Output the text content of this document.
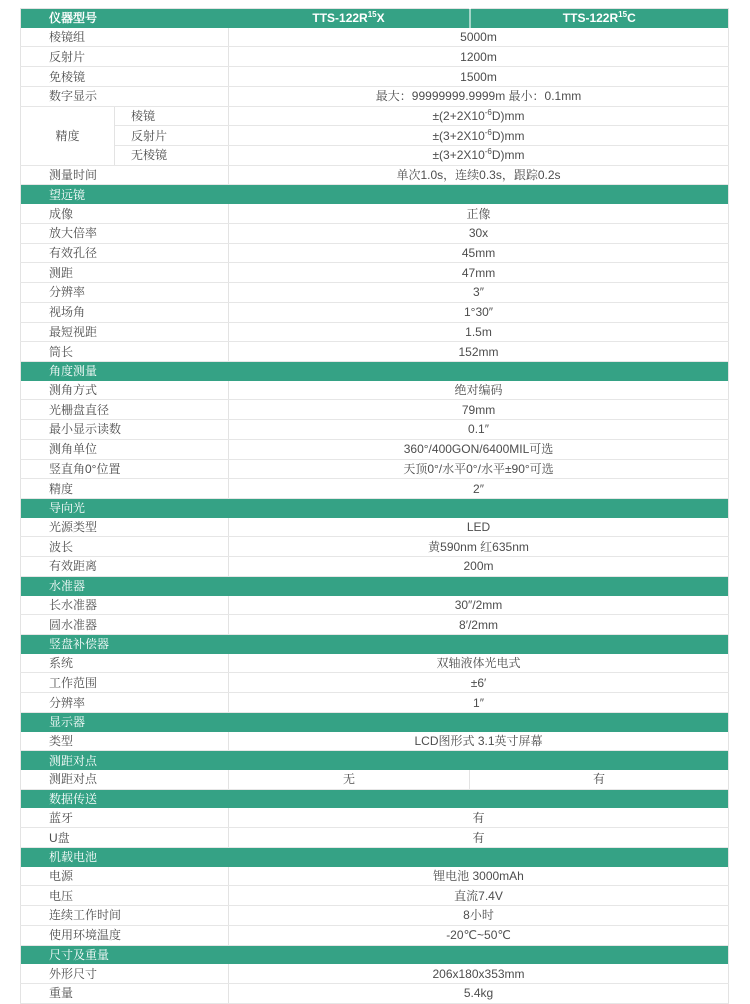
仪器型号		TTS-$122R^{15}X$	TTS-$122R^{15}C$
棱镜组		5000m	
反射片		1200m	
免棱镜		1500m	
数字显示		最大：99999999.9999m 最小：0.1mm	
精度	棱镜	$\pm(2+2X10^{-6}D)mm$	
	反射片	$\pm(3+2X10^{-6}D)mm$	
	无棱镜	$\pm(3+2X10^{-6}D)mm$	
测量时间		单次1.0s，连续0.3s，跟踪0.2s	
望远镜			
成像		正像	
放大倍率		30x	
有效孔径		45mm	
测距		47mm	
分辨率		3″	
视场角		1°30″	
最短视距		1.5m	
筒长		152mm	
角度测量			
测角方式		绝对编码	
光栅盘直径		79mm	
最小显示读数		0.1″	
测角单位		360°/400GON/6400MIL可选	
竖直角0°位置		天顶0°/水平0°/水平±90°可选	
精度		2″	
导向光			
光源类型		LED	
波长		黄590nm 红635nm	
有效距离		200m	
水准器			
长水准器		30″/2mm	
圆水准器		8′/2mm	
竖盘补偿器			
系统		双轴液体光电式	
工作范围		±6′	
分辨率		1″	
显示器			
类型		LCD图形式 3.1英寸屏幕	
测距对点			
测距对点		无	有
数据传送			
蓝牙		有	
U盘		有	
机载电池			
电源		锂电池 3000mAh	
电压		直流7.4V	
连续工作时间		8小时	
使用环境温度		-20℃~50℃	
尺寸及重量			
外形尺寸		206x180x353mm	
重量		5.4kg	
